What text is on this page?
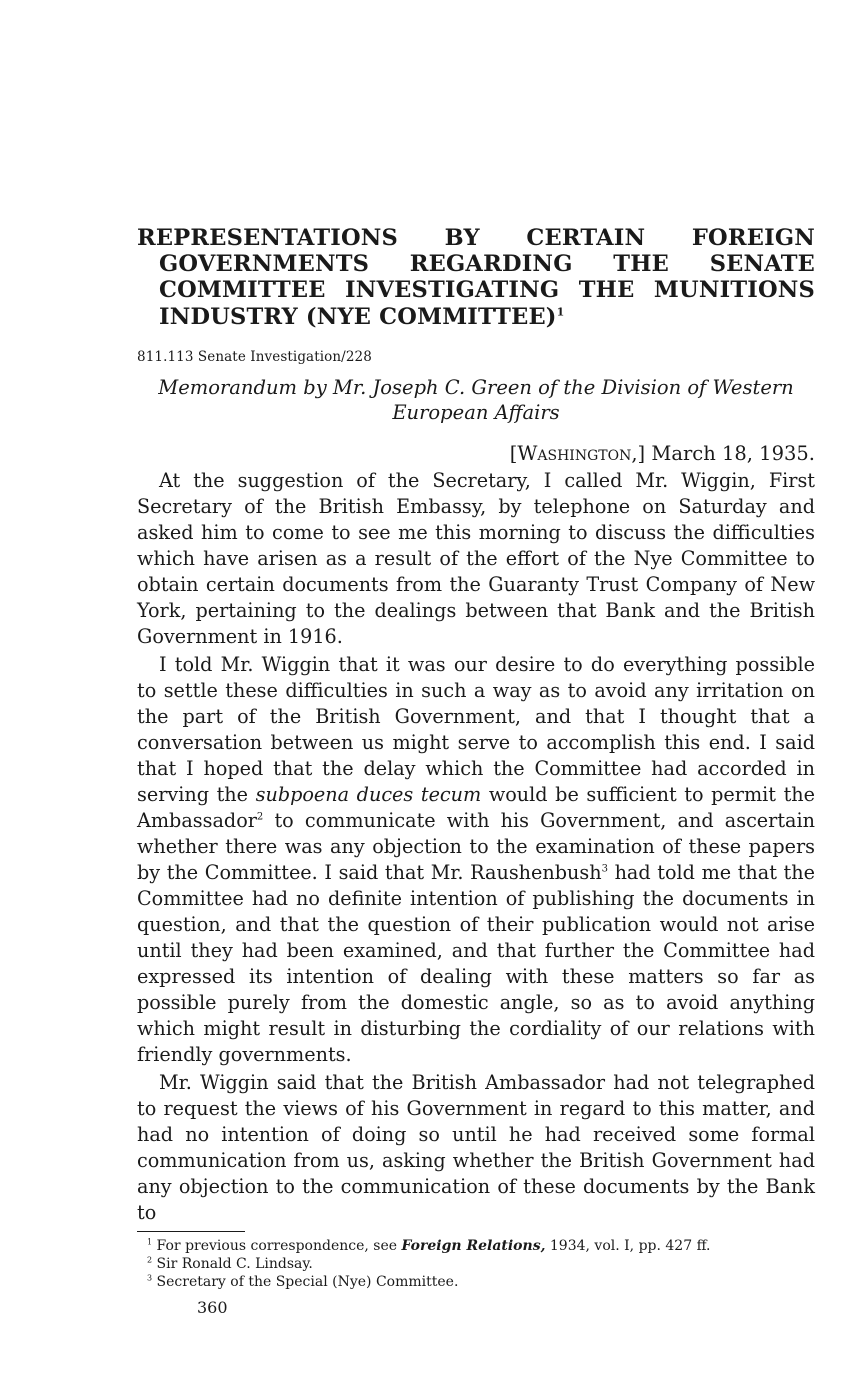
REPRESENTATIONS BY CERTAIN FOREIGN GOVERNMENTS REGARDING THE SENATE COMMITTEE INVESTIGATING THE MUNITIONS INDUSTRY (NYE COMMITTEE)$^1$
811.113 Senate Investigation/228
Memorandum by Mr. Joseph C. Green of the Division of Western European Affairs
[Washington,] March 18, 1935.

At the suggestion of the Secretary, I called Mr. Wiggin, First Secretary of the British Embassy, by telephone on Saturday and asked him to come to see me this morning to discuss the difficulties which have arisen as a result of the effort of the Nye Committee to obtain certain documents from the Guaranty Trust Company of New York, pertaining to the dealings between that Bank and the British Government in 1916.

I told Mr. Wiggin that it was our desire to do everything possible to settle these difficulties in such a way as to avoid any irritation on the part of the British Government, and that I thought that a conversation between us might serve to accomplish this end. I said that I hoped that the delay which the Committee had accorded in serving the subpoena duces tecum would be sufficient to permit the Ambassador$^2$ to communicate with his Government, and ascertain whether there was any objection to the examination of these papers by the Committee. I said that Mr. Raushenbush$^3$ had told me that the Committee had no definite intention of publishing the documents in question, and that the question of their publication would not arise until they had been examined, and that further the Committee had expressed its intention of dealing with these matters so far as possible purely from the domestic angle, so as to avoid anything which might result in disturbing the cordiality of our relations with friendly governments.

Mr. Wiggin said that the British Ambassador had not telegraphed to request the views of his Government in regard to this matter, and had no intention of doing so until he had received some formal communication from us, asking whether the British Government had any objection to the communication of these documents by the Bank to

$^1$ For previous correspondence, see Foreign Relations, 1934, vol. I, pp. 427 ff.
$^2$ Sir Ronald C. Lindsay.
$^3$ Secretary of the Special (Nye) Committee.
360
